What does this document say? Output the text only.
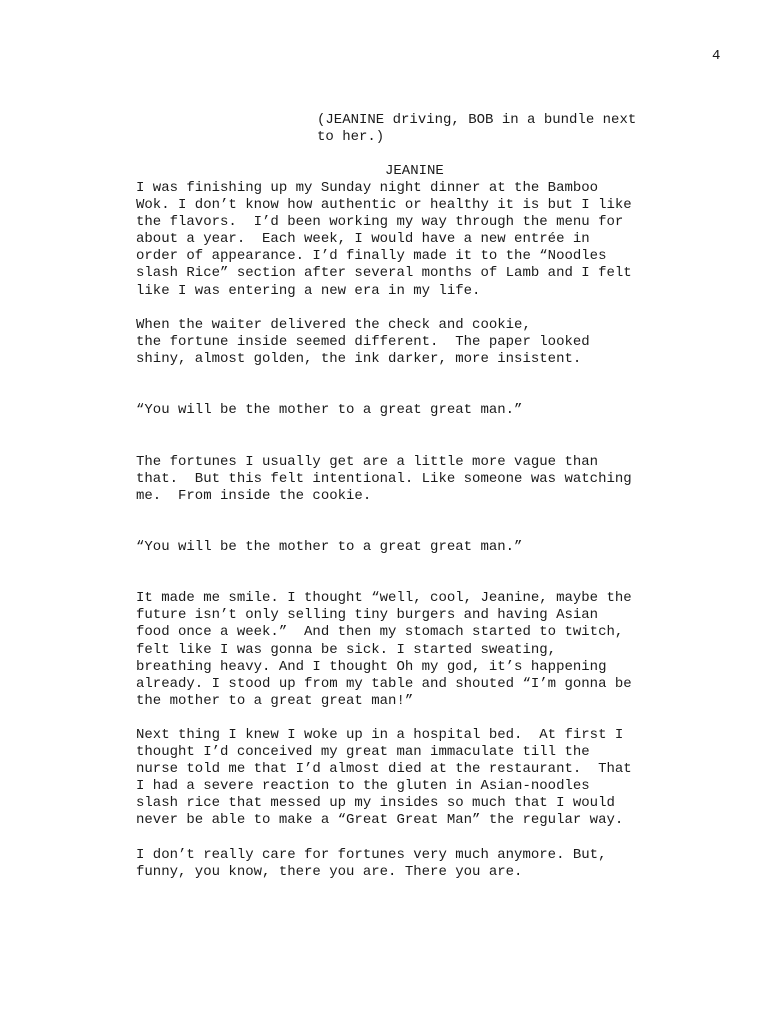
4
(JEANINE driving, BOB in a bundle next
to her.)
JEANINE
I was finishing up my Sunday night dinner at the Bamboo
Wok. I don’t know how authentic or healthy it is but I like
the flavors.  I’d been working my way through the menu for
about a year.  Each week, I would have a new entrée in
order of appearance. I’d finally made it to the “Noodles
slash Rice” section after several months of Lamb and I felt
like I was entering a new era in my life.
When the waiter delivered the check and cookie,
the fortune inside seemed different.  The paper looked
shiny, almost golden, the ink darker, more insistent.
“You will be the mother to a great great man.”
The fortunes I usually get are a little more vague than
that.  But this felt intentional. Like someone was watching
me.  From inside the cookie.
“You will be the mother to a great great man.”
It made me smile. I thought “well, cool, Jeanine, maybe the
future isn’t only selling tiny burgers and having Asian
food once a week.”  And then my stomach started to twitch,
felt like I was gonna be sick. I started sweating,
breathing heavy. And I thought Oh my god, it’s happening
already. I stood up from my table and shouted “I’m gonna be
the mother to a great great man!”
Next thing I knew I woke up in a hospital bed.  At first I
thought I’d conceived my great man immaculate till the
nurse told me that I’d almost died at the restaurant.  That
I had a severe reaction to the gluten in Asian-noodles
slash rice that messed up my insides so much that I would
never be able to make a “Great Great Man” the regular way.
I don’t really care for fortunes very much anymore. But,
funny, you know, there you are. There you are.
